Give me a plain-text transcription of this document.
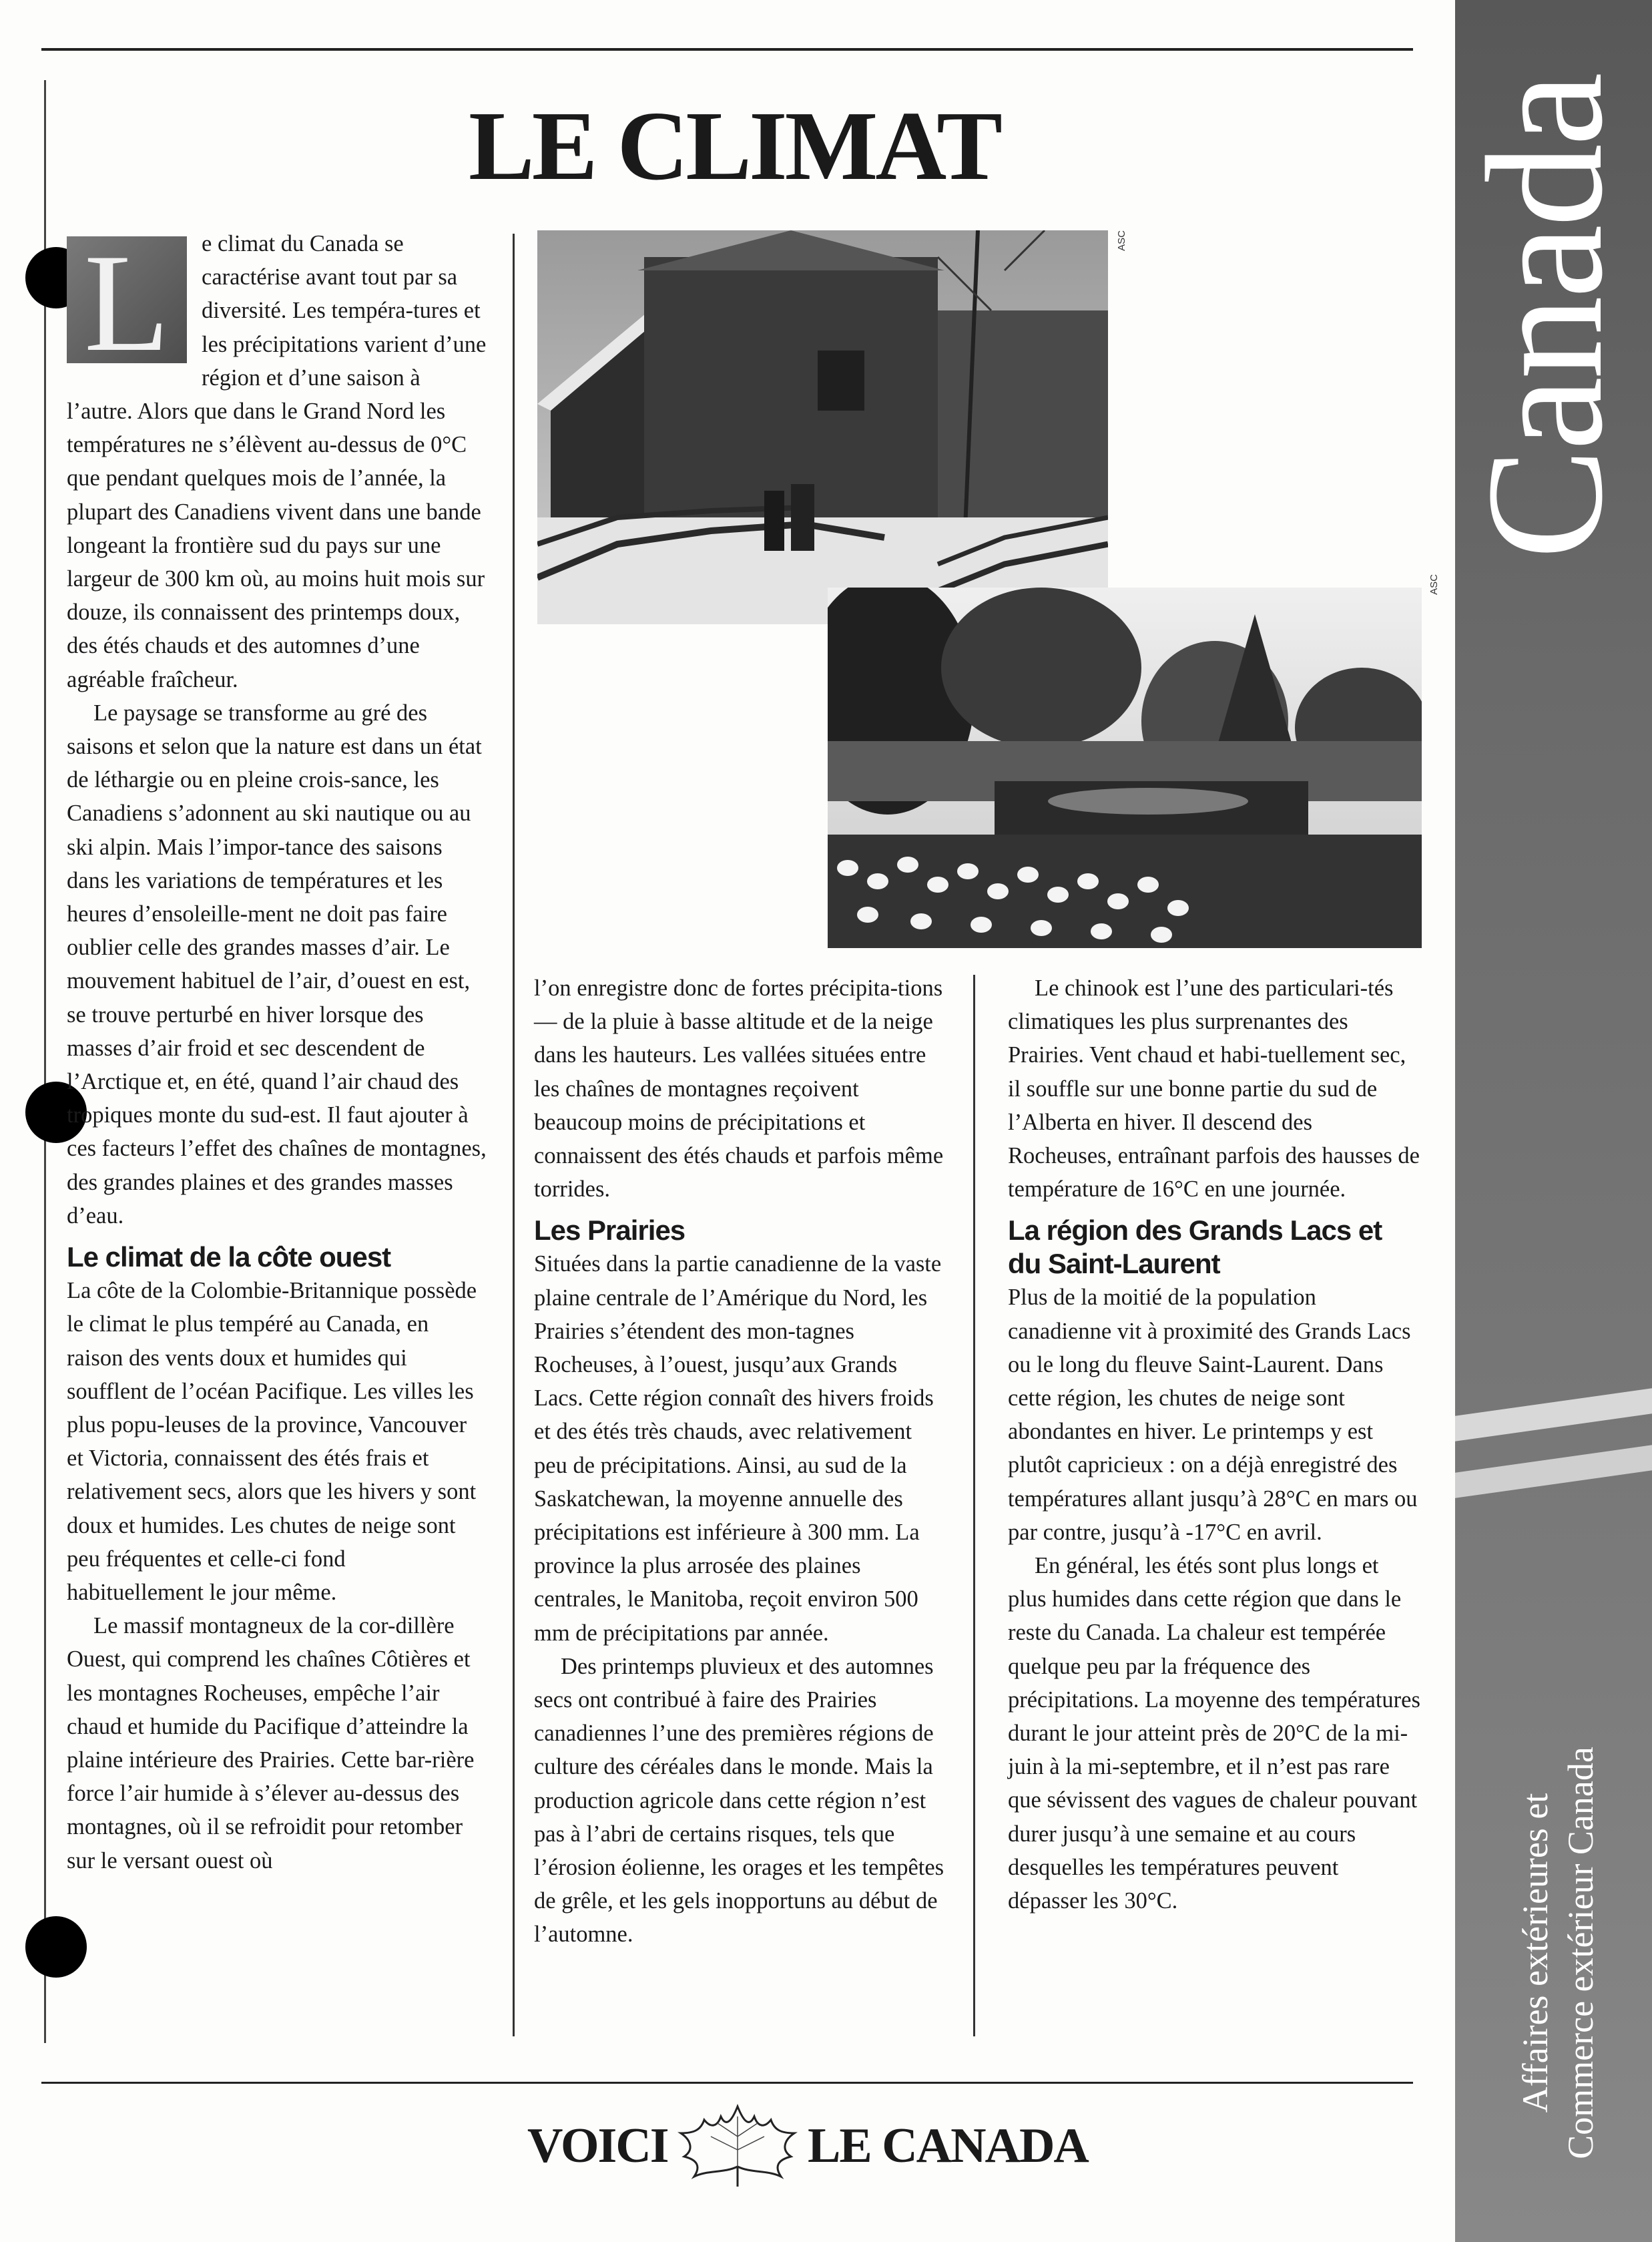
LE CLIMAT
L	e climat du Canada se caractérise avant tout par sa diversité. Les tempéra-tures et les précipitations varient d’une région et d’une saison à l’autre. Alors que dans le Grand Nord les températures ne s’élèvent au-dessus de 0°C que pendant quelques mois de l’année, la plupart des Canadiens vivent dans une bande longeant la frontière sud du pays sur une largeur de 300 km où, au moins huit mois sur douze, ils connaissent des printemps doux, des étés chauds et des automnes d’une agréable fraîcheur.

Le paysage se transforme au gré des saisons et selon que la nature est dans un état de léthargie ou en pleine crois-sance, les Canadiens s’adonnent au ski nautique ou au ski alpin. Mais l’impor-tance des saisons dans les variations de températures et les heures d’ensoleille-ment ne doit pas faire oublier celle des grandes masses d’air. Le mouvement habituel de l’air, d’ouest en est, se trouve perturbé en hiver lorsque des masses d’air froid et sec descendent de l’Arctique et, en été, quand l’air chaud des tropiques monte du sud-est. Il faut ajouter à ces facteurs l’effet des chaînes de montagnes, des grandes plaines et des grandes masses d’eau.

Le climat de la côte ouest

La côte de la Colombie-Britannique possède le climat le plus tempéré au Canada, en raison des vents doux et humides qui soufflent de l’océan Pacifique. Les villes les plus popu-leuses de la province, Vancouver et Victoria, connaissent des étés frais et relativement secs, alors que les hivers y sont doux et humides. Les chutes de neige sont peu fréquentes et celle-ci fond habituellement le jour même.

Le massif montagneux de la cor-dillère Ouest, qui comprend les chaînes Côtières et les montagnes Rocheuses, empêche l’air chaud et humide du Pacifique d’atteindre la plaine intérieure des Prairies. Cette bar-rière force l’air humide à s’élever au-dessus des montagnes, où il se refroidit pour retomber sur le versant ouest où

ASC
ASC

l’on enregistre donc de fortes précipita-tions — de la pluie à basse altitude et de la neige dans les hauteurs. Les vallées situées entre les chaînes de montagnes reçoivent beaucoup moins de précipitations et connaissent des étés chauds et parfois même torrides.

Les Prairies

Situées dans la partie canadienne de la vaste plaine centrale de l’Amérique du Nord, les Prairies s’étendent des mon-tagnes Rocheuses, à l’ouest, jusqu’aux Grands Lacs. Cette région connaît des hivers froids et des étés très chauds, avec relativement peu de précipitations. Ainsi, au sud de la Saskatchewan, la moyenne annuelle des précipitations est inférieure à 300 mm. La province la plus arrosée des plaines centrales, le Manitoba, reçoit environ 500 mm de précipitations par année.

Des printemps pluvieux et des automnes secs ont contribué à faire des Prairies canadiennes l’une des premières régions de culture des céréales dans le monde. Mais la production agricole dans cette région n’est pas à l’abri de certains risques, tels que l’érosion éolienne, les orages et les tempêtes de grêle, et les gels inopportuns au début de l’automne.

Le chinook est l’une des particulari-tés climatiques les plus surprenantes des Prairies. Vent chaud et habi-tuellement sec, il souffle sur une bonne partie du sud de l’Alberta en hiver. Il descend des Rocheuses, entraînant parfois des hausses de température de 16°C en une journée.

La région des Grands Lacs et du Saint-Laurent

Plus de la moitié de la population canadienne vit à proximité des Grands Lacs ou le long du fleuve Saint-Laurent. Dans cette région, les chutes de neige sont abondantes en hiver. Le printemps y est plutôt capricieux : on a déjà enregistré des températures allant jusqu’à 28°C en mars ou par contre, jusqu’à -17°C en avril.

En général, les étés sont plus longs et plus humides dans cette région que dans le reste du Canada. La chaleur est tempérée quelque peu par la fréquence des précipitations. La moyenne des températures durant le jour atteint près de 20°C de la mi-juin à la mi-septembre, et il n’est pas rare que sévissent des vagues de chaleur pouvant durer jusqu’à une semaine et au cours desquelles les températures peuvent dépasser les 30°C.

Canada
Affaires extérieures et Commerce extérieur Canada
VOICI	LE CANADA
